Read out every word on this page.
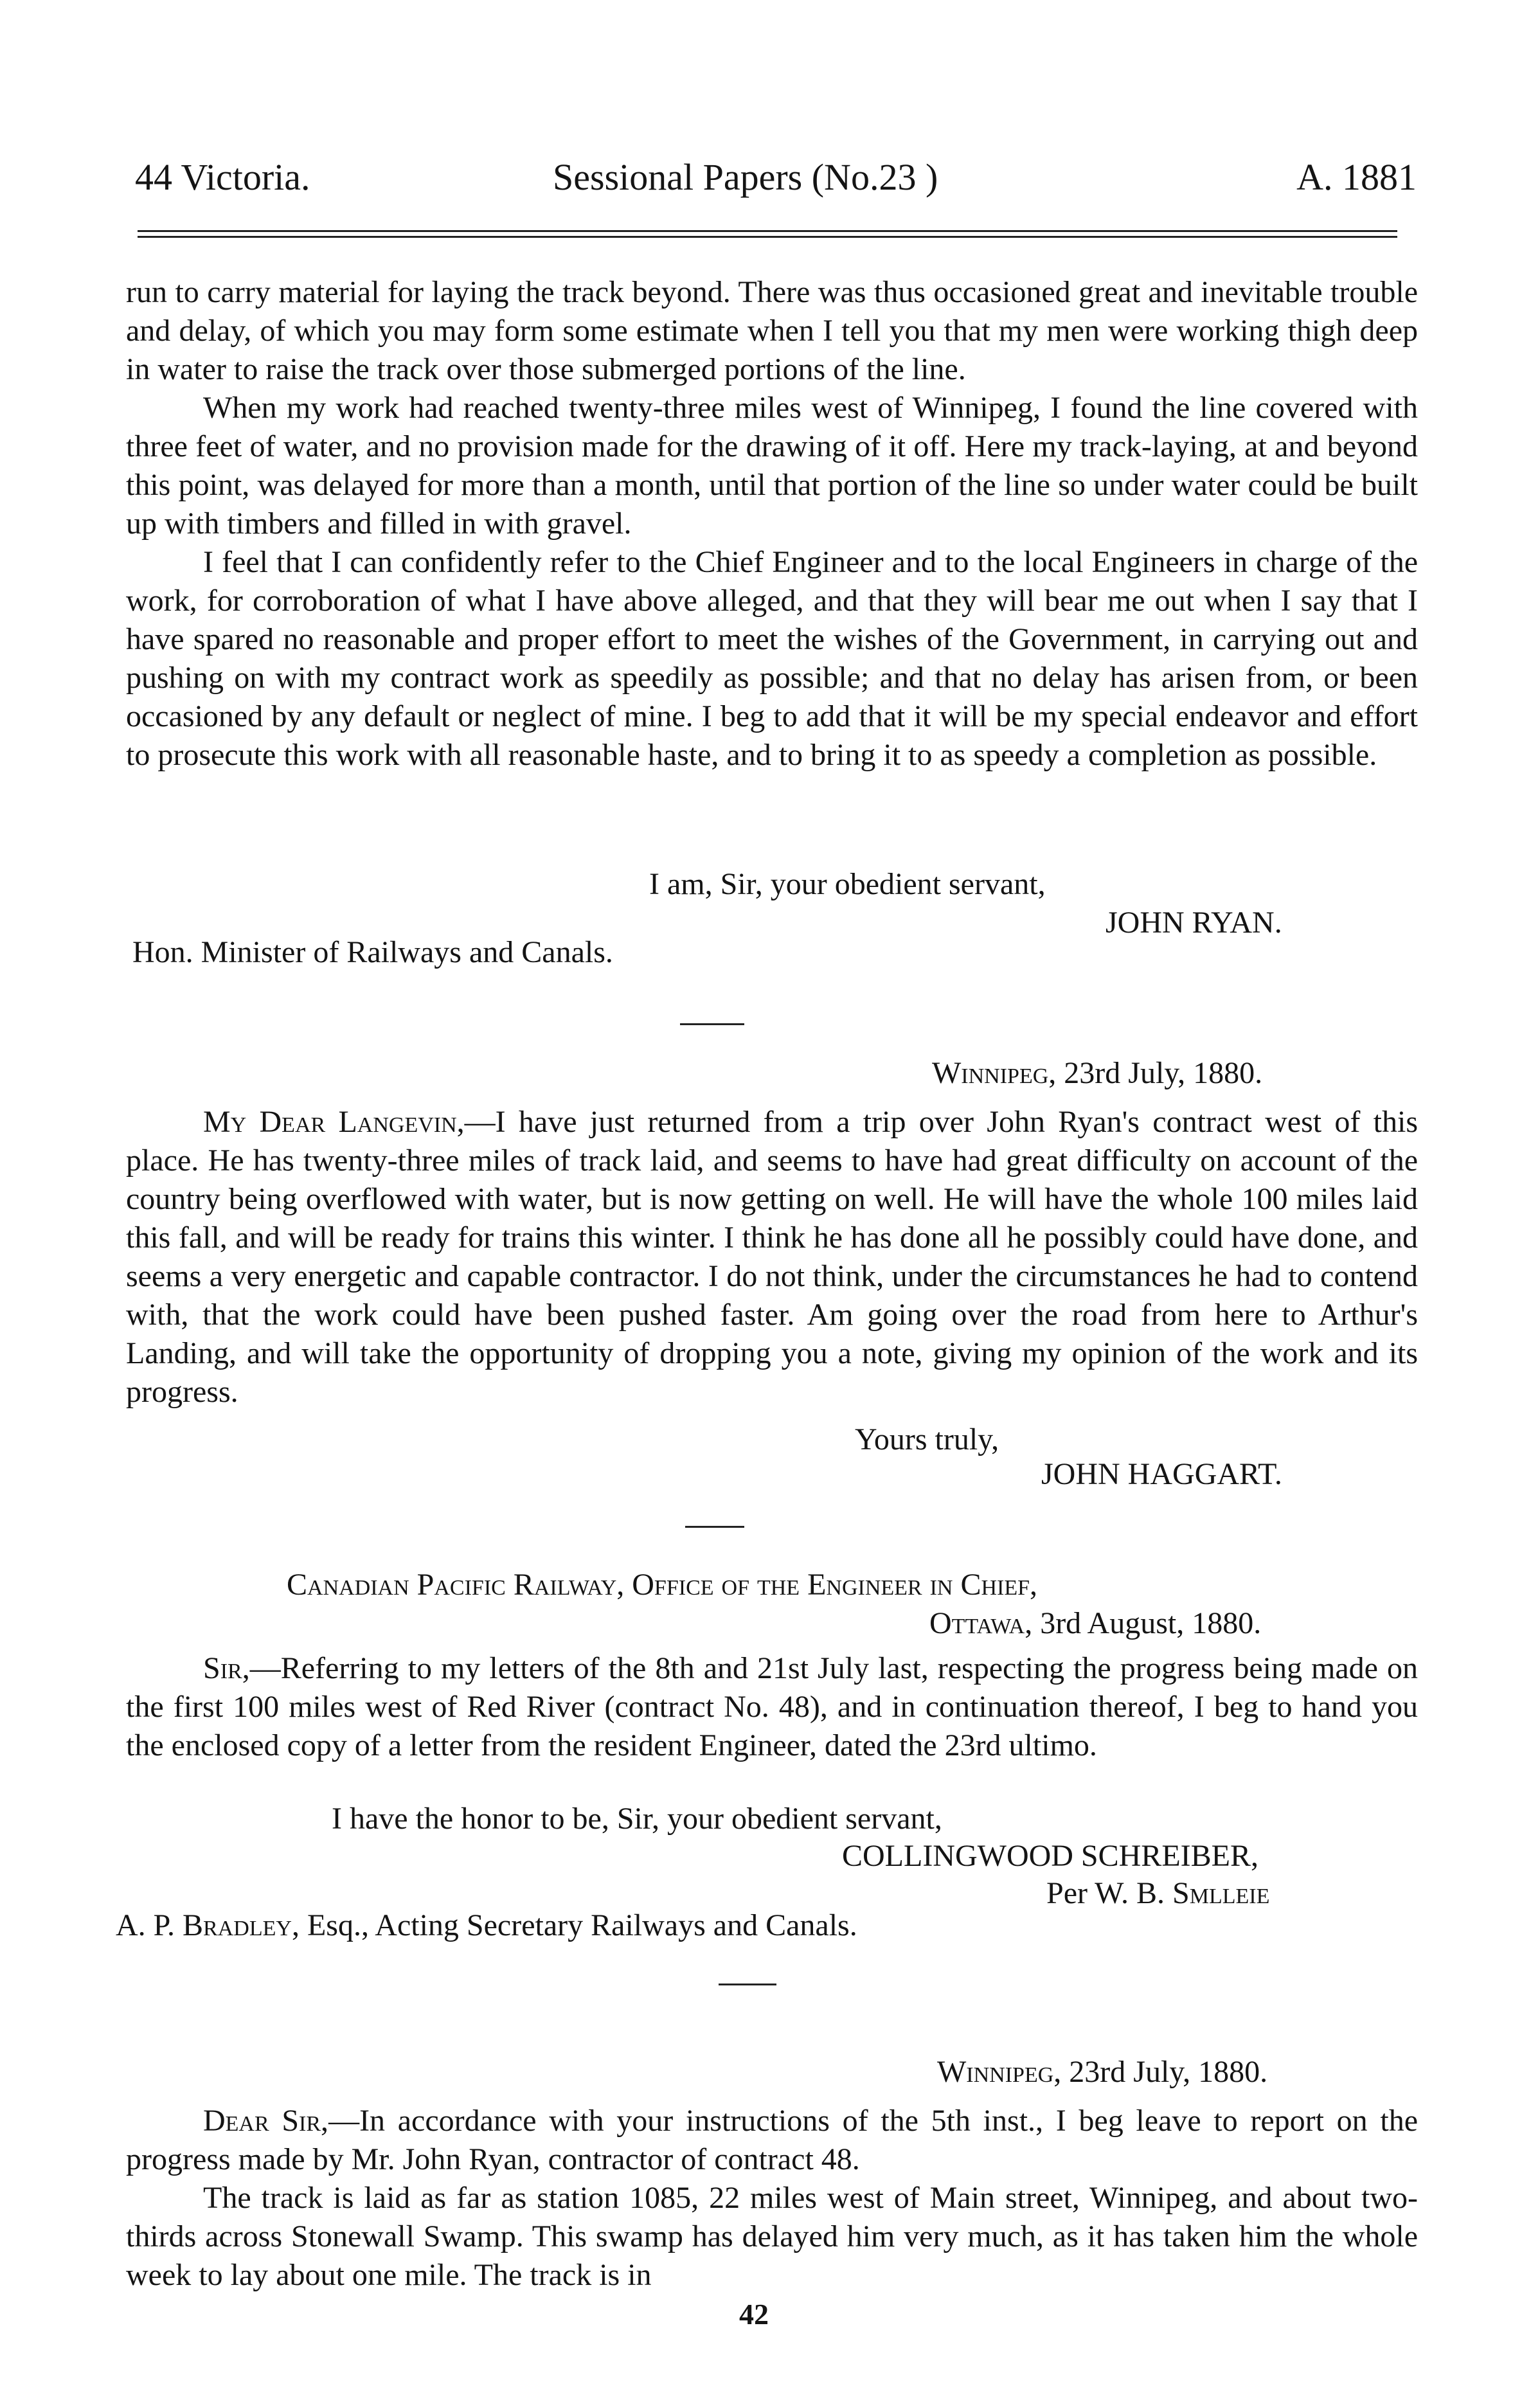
44 Victoria.	Sessional Papers (No.23 )	A. 1881

run to carry material for laying the track beyond. There was thus occasioned great and inevitable trouble and delay, of which you may form some estimate when I tell you that my men were working thigh deep in water to raise the track over those submerged portions of the line.

When my work had reached twenty-three miles west of Winnipeg, I found the line covered with three feet of water, and no provision made for the drawing of it off. Here my track-laying, at and beyond this point, was delayed for more than a month, until that portion of the line so under water could be built up with timbers and filled in with gravel.

I feel that I can confidently refer to the Chief Engineer and to the local Engineers in charge of the work, for corroboration of what I have above alleged, and that they will bear me out when I say that I have spared no reasonable and proper effort to meet the wishes of the Government, in carrying out and pushing on with my contract work as speedily as possible; and that no delay has arisen from, or been occasioned by any default or neglect of mine. I beg to add that it will be my special endeavor and effort to prosecute this work with all reasonable haste, and to bring it to as speedy a completion as possible.

I am, Sir, your obedient servant,
JOHN RYAN.
Hon. Minister of Railways and Canals.
Winnipeg, 23rd July, 1880.

My Dear Langevin,—I have just returned from a trip over John Ryan's contract west of this place. He has twenty-three miles of track laid, and seems to have had great difficulty on account of the country being overflowed with water, but is now getting on well. He will have the whole 100 miles laid this fall, and will be ready for trains this winter. I think he has done all he possibly could have done, and seems a very energetic and capable contractor. I do not think, under the circumstances he had to contend with, that the work could have been pushed faster. Am going over the road from here to Arthur's Landing, and will take the opportunity of dropping you a note, giving my opinion of the work and its progress.

Yours truly,
JOHN HAGGART.
Canadian Pacific Railway, Office of the Engineer in Chief,
Ottawa, 3rd August, 1880.

Sir,—Referring to my letters of the 8th and 21st July last, respecting the progress being made on the first 100 miles west of Red River (contract No. 48), and in continuation thereof, I beg to hand you the enclosed copy of a letter from the resident Engineer, dated the 23rd ultimo.

I have the honor to be, Sir, your obedient servant,
COLLINGWOOD SCHREIBER,
Per W. B. Smlleie
A. P. Bradley, Esq., Acting Secretary Railways and Canals.
Winnipeg, 23rd July, 1880.

Dear Sir,—In accordance with your instructions of the 5th inst., I beg leave to report on the progress made by Mr. John Ryan, contractor of contract 48.

The track is laid as far as station 1085, 22 miles west of Main street, Winnipeg, and about two-thirds across Stonewall Swamp. This swamp has delayed him very much, as it has taken him the whole week to lay about one mile. The track is in

42
